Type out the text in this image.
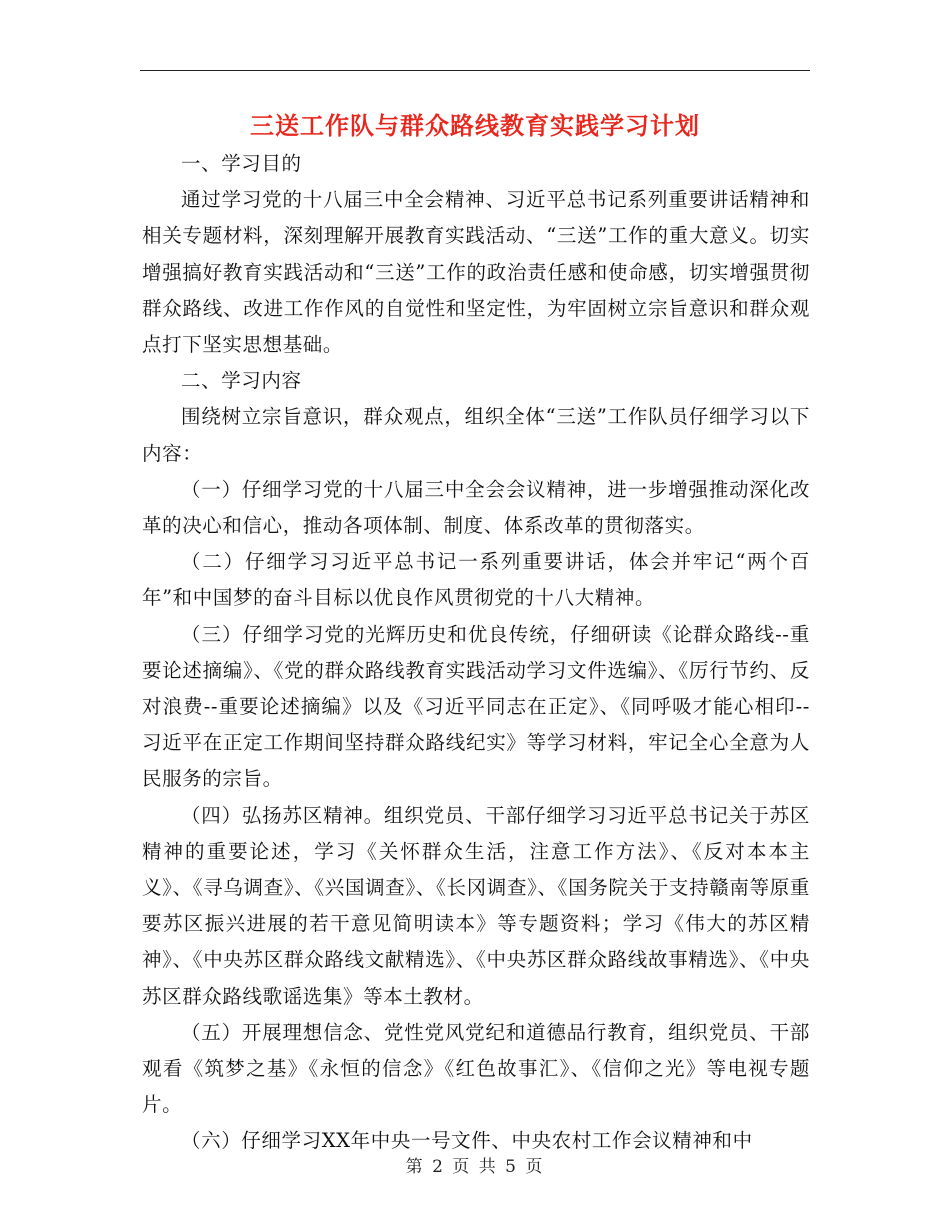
三送工作队与群众路线教育实践学习计划

一、学习目的

通过学习党的十八届三中全会精神、习近平总书记系列重要讲话精神和相关专题材料，深刻理解开展教育实践活动、“三送”工作的重大意义。切实增强搞好教育实践活动和“三送”工作的政治责任感和使命感，切实增强贯彻群众路线、改进工作作风的自觉性和坚定性，为牢固树立宗旨意识和群众观点打下坚实思想基础。

二、学习内容

围绕树立宗旨意识，群众观点，组织全体“三送”工作队员仔细学习以下内容：

（一）仔细学习党的十八届三中全会会议精神，进一步增强推动深化改革的决心和信心，推动各项体制、制度、体系改革的贯彻落实。

（二）仔细学习习近平总书记一系列重要讲话，体会并牢记“两个百年”和中国梦的奋斗目标以优良作风贯彻党的十八大精神。

（三）仔细学习党的光辉历史和优良传统，仔细研读《论群众路线--重要论述摘编》、《党的群众路线教育实践活动学习文件选编》、《厉行节约、反对浪费--重要论述摘编》以及《习近平同志在正定》、《同呼吸才能心相印--习近平在正定工作期间坚持群众路线纪实》等学习材料，牢记全心全意为人民服务的宗旨。

（四）弘扬苏区精神。组织党员、干部仔细学习习近平总书记关于苏区精神的重要论述，学习《关怀群众生活，注意工作方法》、《反对本本主义》、《寻乌调查》、《兴国调查》、《长冈调查》、《国务院关于支持赣南等原重要苏区振兴进展的若干意见简明读本》等专题资料；学习《伟大的苏区精神》、《中央苏区群众路线文献精选》、《中央苏区群众路线故事精选》、《中央苏区群众路线歌谣选集》等本土教材。

（五）开展理想信念、党性党风党纪和道德品行教育，组织党员、干部观看《筑梦之基》《永恒的信念》《红色故事汇》、《信仰之光》等电视专题片。

（六）仔细学习XX年中央一号文件、中央农村工作会议精神和中

第 2 页 共 5 页
